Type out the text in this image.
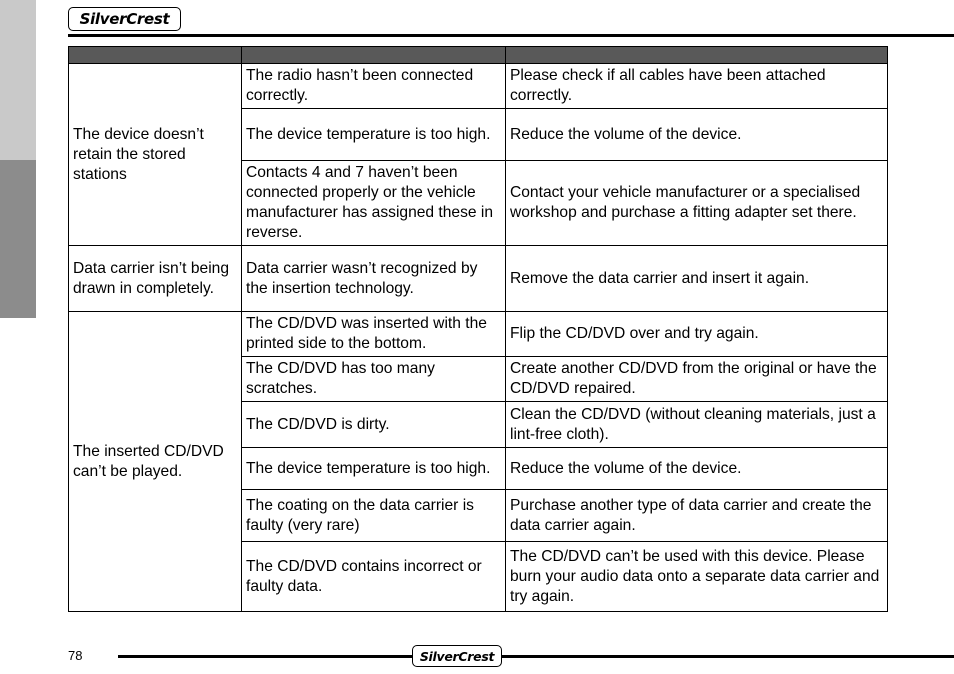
SilverCrest

The device doesn’t retain the stored stations	The radio hasn’t been connected correctly.	Please check if all cables have been attached correctly.

	The device temperature is too high.	Reduce the volume of the device.

	Contacts 4 and 7 haven’t been connected properly or the vehicle manufacturer has assigned these in reverse.	Contact your vehicle manufacturer or a specialised workshop and purchase a fitting adapter set there.

Data carrier isn’t being drawn in completely.	Data carrier wasn’t recognized by the insertion technology.	Remove the data carrier and insert it again.

The inserted CD/DVD can’t be played.	The CD/DVD was inserted with the printed side to the bottom.	Flip the CD/DVD over and try again.

	The CD/DVD has too many scratches.	Create another CD/DVD from the original or have the CD/DVD repaired.

	The CD/DVD is dirty.	Clean the CD/DVD (without cleaning materials, just a lint-free cloth).

	The device temperature is too high.	Reduce the volume of the device.

	The coating on the data carrier is faulty (very rare)	Purchase another type of data carrier and create the data carrier again.

	The CD/DVD contains incorrect or faulty data.	The CD/DVD can’t be used with this device. Please burn your audio data onto a separate data carrier and try again.
78	SilverCrest
